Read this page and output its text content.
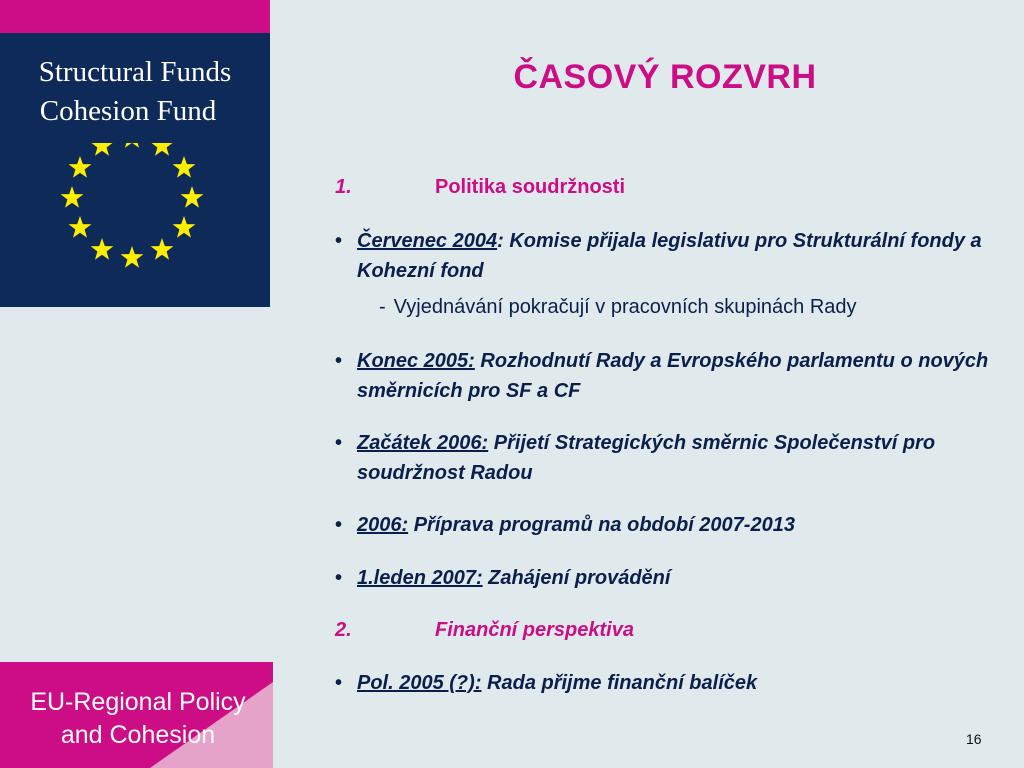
Structural Funds
Cohesion Fund
EU-Regional Policy
and Cohesion
ČASOVÝ ROZVRH
1.	Politika soudržnosti
• Červenec 2004: Komise přijala legislativu pro Strukturální fondy a Kohezní fond
- Vyjednávání pokračují v pracovních skupinách Rady
• Konec 2005: Rozhodnutí Rady a Evropského parlamentu o nových směrnicích pro SF a CF
• Začátek 2006: Přijetí Strategických směrnic Společenství pro soudržnost Radou
• 2006: Příprava programů na období 2007-2013
• 1.leden 2007: Zahájení provádění
2.	Finanční perspektiva
• Pol. 2005 (?): Rada přijme finanční balíček
16
